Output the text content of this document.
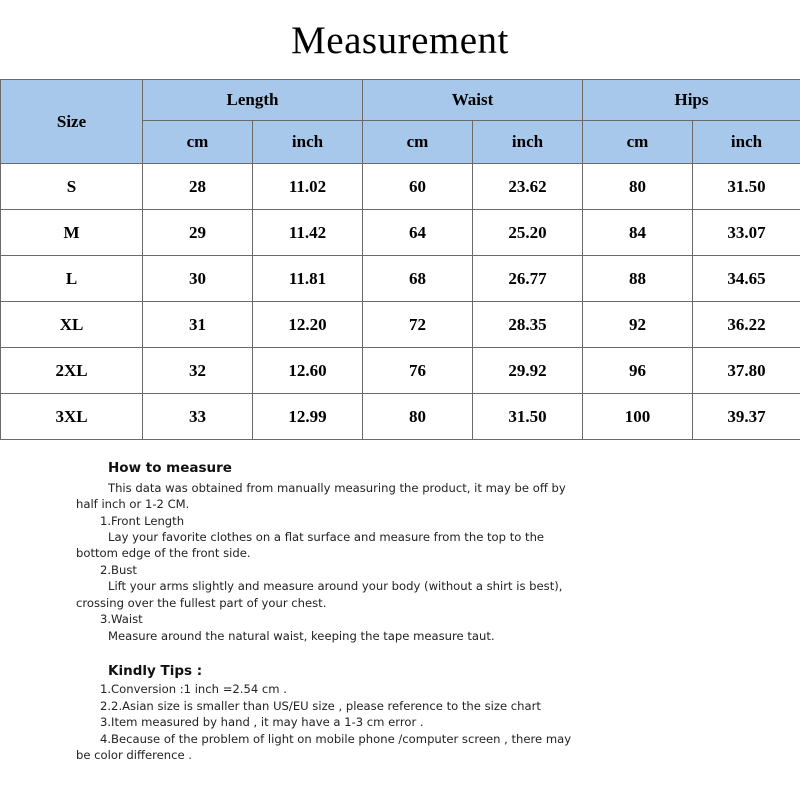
Measurement
Size	Length		Waist		Hips	
	cm	inch	cm	inch	cm	inch
S	28	11.02	60	23.62	80	31.50
M	29	11.42	64	25.20	84	33.07
L	30	11.81	68	26.77	88	34.65
XL	31	12.20	72	28.35	92	36.22
2XL	32	12.60	76	29.92	96	37.80
3XL	33	12.99	80	31.50	100	39.37
How to measure
This data was obtained from manually measuring the product, it may be off by
half inch or 1-2 CM.
1.Front Length
Lay your favorite clothes on a flat surface and measure from the top to the
bottom edge of the front side.
2.Bust
Lift your arms slightly and measure around your body (without a shirt is best),
crossing over the fullest part of your chest.
3.Waist
Measure around the natural waist, keeping the tape measure taut.
Kindly Tips :
1.Conversion :1 inch =2.54 cm .
2.2.Asian size is smaller than US/EU size , please reference to the size chart
3.Item measured by hand , it may have a 1-3 cm error .
4.Because of the problem of light on mobile phone /computer screen , there may
be color difference .
